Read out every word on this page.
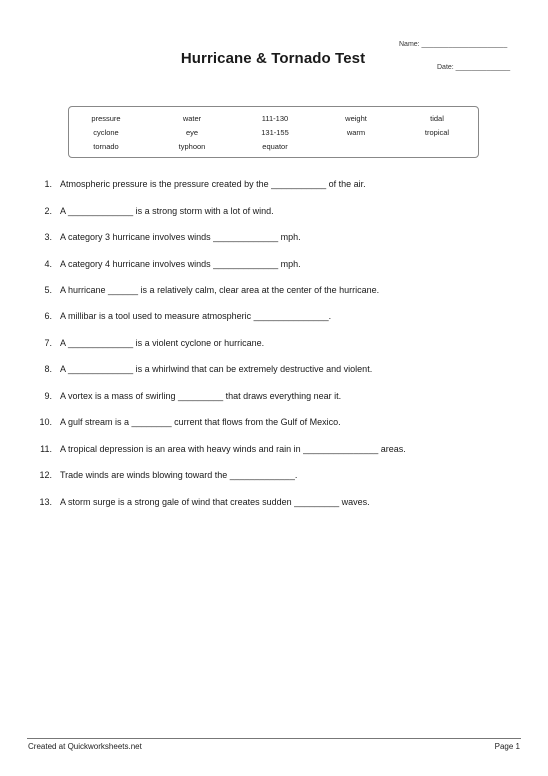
Name: ______________________
Date: ______________
Hurricane & Tornado Test
pressure
cyclone
tornado
water
eye
typhoon
111-130
131-155
equator
weight
warm
tidal
tropical
1. Atmospheric pressure is the pressure created by the ___________ of the air.
2. A _____________ is a strong storm with a lot of wind.
3. A category 3 hurricane involves winds _____________ mph.
4. A category 4 hurricane involves winds _____________ mph.
5. A hurricane ______ is a relatively calm, clear area at the center of the hurricane.
6. A millibar is a tool used to measure atmospheric _______________.
7. A _____________ is a violent cyclone or hurricane.
8. A _____________ is a whirlwind that can be extremely destructive and violent.
9. A vortex is a mass of swirling _________ that draws everything near it.
10. A gulf stream is a ________ current that flows from the Gulf of Mexico.
11. A tropical depression is an area with heavy winds and rain in _______________ areas.
12. Trade winds are winds blowing toward the _____________.
13. A storm surge is a strong gale of wind that creates sudden _________ waves.
Created at Quickworksheets.net	Page 1
